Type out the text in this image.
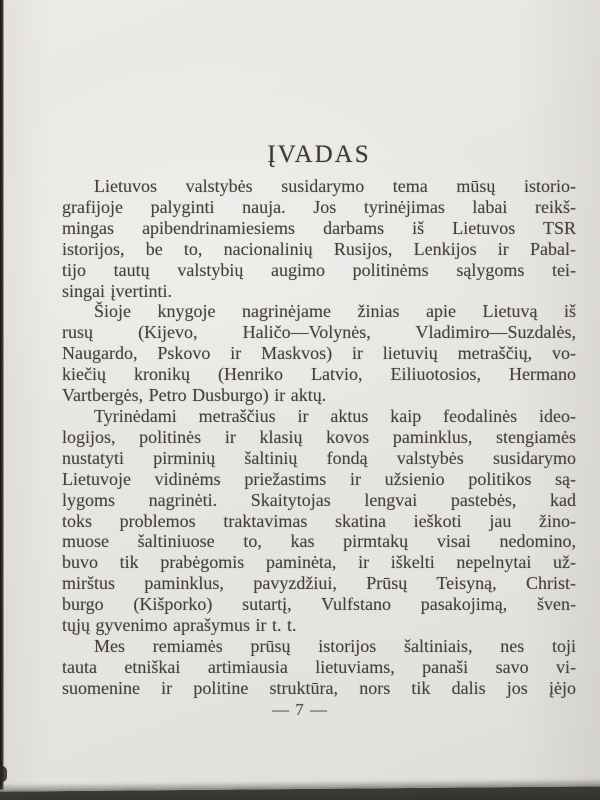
ĮVADAS
Lietuvos valstybės susidarymo tema mūsų istorio-
grafijoje palyginti nauja. Jos tyrinėjimas labai reikš-
mingas apibendrinamiesiems darbams iš Lietuvos TSR
istorijos, be to, nacionalinių Rusijos, Lenkijos ir Pabal-
tijo tautų valstybių augimo politinėms sąlygoms tei-
singai įvertinti.
Šioje knygoje nagrinėjame žinias apie Lietuvą iš
rusų (Kijevo, Haličo—Volynės, Vladimiro—Suzdalės,
Naugardo, Pskovo ir Maskvos) ir lietuvių metraščių, vo-
kiečių kronikų (Henriko Latvio, Eiliuotosios, Hermano
Vartbergės, Petro Dusburgo) ir aktų.
Tyrinėdami metraščius ir aktus kaip feodalinės ideo-
logijos, politinės ir klasių kovos paminklus, stengiamės
nustatyti pirminių šaltinių fondą valstybės susidarymo
Lietuvoje vidinėms priežastims ir užsienio politikos są-
lygoms nagrinėti. Skaitytojas lengvai pastebės, kad
toks problemos traktavimas skatina ieškoti jau žino-
muose šaltiniuose to, kas pirmtakų visai nedomino,
buvo tik prabėgomis paminėta, ir iškelti nepelnytai už-
mirštus paminklus, pavyzdžiui, Prūsų Teisyną, Christ-
burgo (Kišporko) sutartį, Vulfstano pasakojimą, šven-
tųjų gyvenimo aprašymus ir t. t.
Mes remiamės prūsų istorijos šaltiniais, nes toji
tauta etniškai artimiausia lietuviams, panaši savo vi-
suomenine ir politine struktūra, nors tik dalis jos įėjo
— 7 —
